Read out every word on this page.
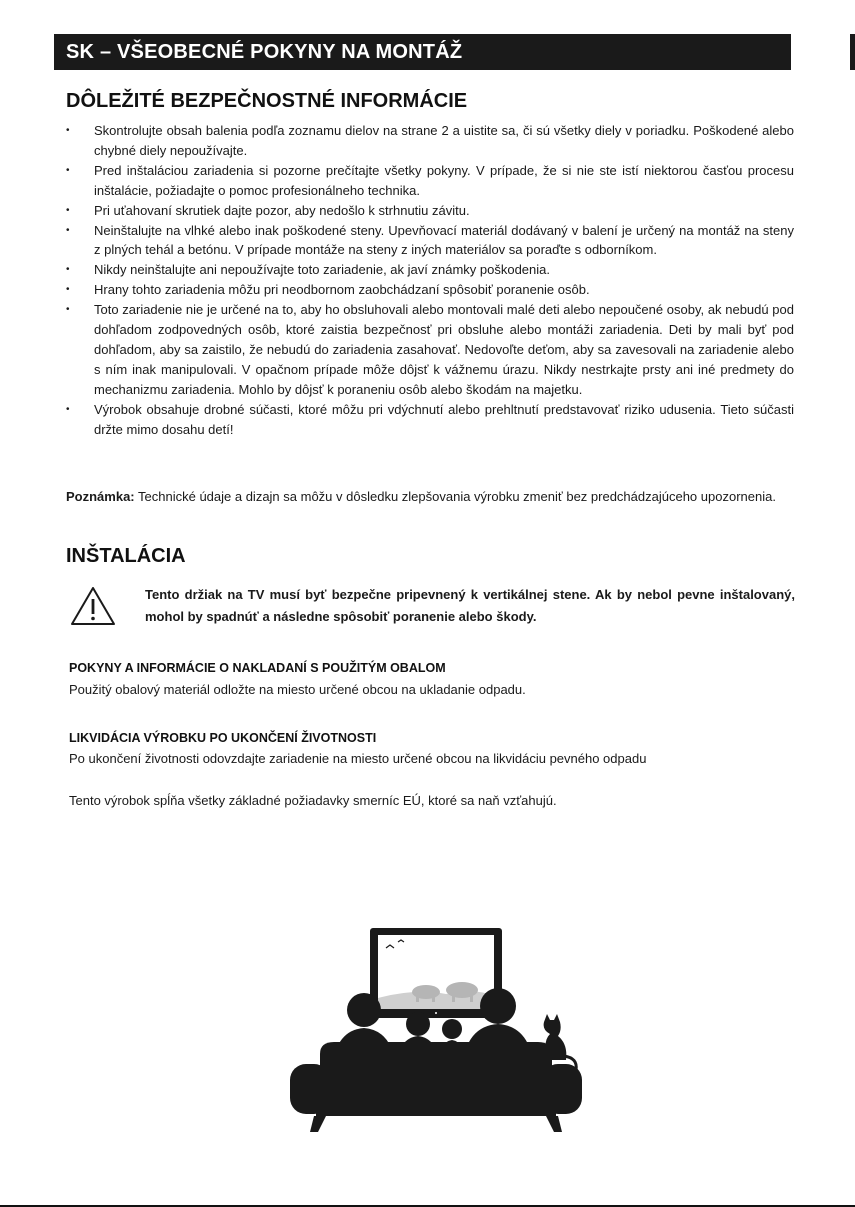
SK – VŠEOBECNÉ POKYNY NA MONTÁŽ
DÔLEŽITÉ BEZPEČNOSTNÉ INFORMÁCIE
• Skontrolujte obsah balenia podľa zoznamu dielov na strane 2 a uistite sa, či sú všetky diely v poriadku. Poškodené alebo chybné diely nepoužívajte.
• Pred inštaláciou zariadenia si pozorne prečítajte všetky pokyny. V prípade, že si nie ste istí niektorou časťou procesu inštalácie, požiadajte o pomoc profesionálneho technika.
• Pri uťahovaní skrutiek dajte pozor, aby nedošlo k strhnutiu závitu.
• Neinštalujte na vlhké alebo inak poškodené steny. Upevňovací materiál dodávaný v balení je určený na montáž na steny z plných tehál a betónu. V prípade montáže na steny z iných materiálov sa poraďte s odborníkom.
• Nikdy neinštalujte ani nepoužívajte toto zariadenie, ak javí známky poškodenia.
• Hrany tohto zariadenia môžu pri neodbornom zaobchádzaní spôsobiť poranenie osôb.
• Toto zariadenie nie je určené na to, aby ho obsluhovali alebo montovali malé deti alebo nepoučené osoby, ak nebudú pod dohľadom zodpovedných osôb, ktoré zaistia bezpečnosť pri obsluhe alebo montáži zariadenia. Deti by mali byť pod dohľadom, aby sa zaistilo, že nebudú do zariadenia zasahovať. Nedovoľte deťom, aby sa zavesovali na zariadenie alebo s ním inak manipulovali. V opačnom prípade môže dôjsť k vážnemu úrazu. Nikdy nestrkajte prsty ani iné predmety do mechanizmu zariadenia. Mohlo by dôjsť k poraneniu osôb alebo škodám na majetku.
• Výrobok obsahuje drobné súčasti, ktoré môžu pri vdýchnutí alebo prehltnutí predstavovať riziko udusenia. Tieto súčasti držte mimo dosahu detí!

Poznámka: Technické údaje a dizajn sa môžu v dôsledku zlepšovania výrobku zmeniť bez predchádzajúceho upozornenia.

INŠTALÁCIA

Tento držiak na TV musí byť bezpečne pripevnený k vertikálnej stene. Ak by nebol pevne inštalovaný, mohol by spadnúť a následne spôsobiť poranenie alebo škody.

POKYNY A INFORMÁCIE O NAKLADANÍ S POUŽITÝM OBALOM

Použitý obalový materiál odložte na miesto určené obcou na ukladanie odpadu.

LIKVIDÁCIA VÝROBKU PO UKONČENÍ ŽIVOTNOSTI

Po ukončení životnosti odovzdajte zariadenie na miesto určené obcou na likvidáciu pevného odpadu

Tento výrobok spĺňa všetky základné požiadavky smerníc EÚ, ktoré sa naň vzťahujú.
